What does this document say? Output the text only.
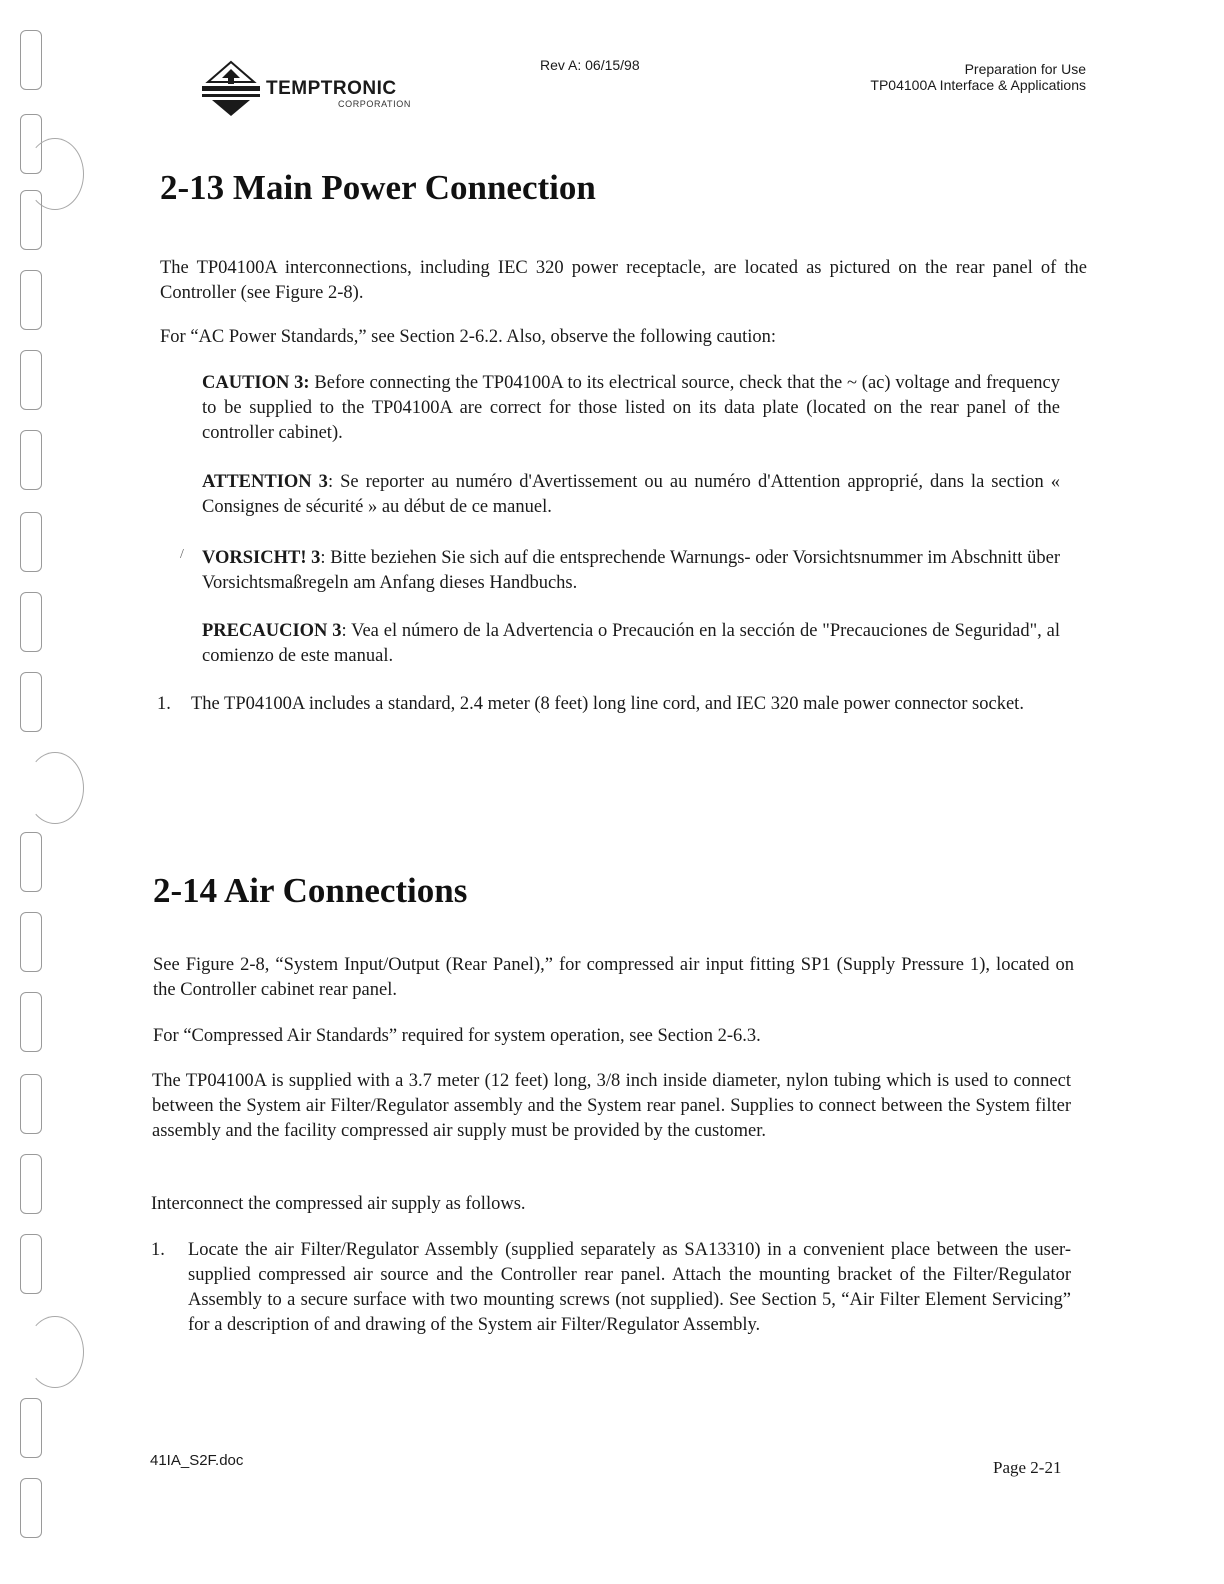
TEMPTRONIC
CORPORATION
Rev A: 06/15/98	Preparation for Use
TP04100A Interface & Applications
2-13 Main Power Connection

The TP04100A interconnections, including IEC 320 power receptacle, are located as pictured on the rear panel of the Controller (see Figure 2-8).

For “AC Power Standards,” see Section 2-6.2. Also, observe the following caution:

CAUTION 3: Before connecting the TP04100A to its electrical source, check that the ~ (ac) voltage and frequency to be supplied to the TP04100A are correct for those listed on its data plate (located on the rear panel of the controller cabinet).

ATTENTION 3: Se reporter au numéro d'Avertissement ou au numéro d'Attention approprié, dans la section « Consignes de sécurité » au début de ce manuel.

/ VORSICHT! 3: Bitte beziehen Sie sich auf die entsprechende Warnungs- oder Vorsichtsnummer im Abschnitt über Vorsichtsmaßregeln am Anfang dieses Handbuchs.

PRECAUCION 3: Vea el número de la Advertencia o Precaución en la sección de "Precauciones de Seguridad", al comienzo de este manual.

1. The TP04100A includes a standard, 2.4 meter (8 feet) long line cord, and IEC 320 male power connector socket.

2-14 Air Connections

See Figure 2-8, “System Input/Output (Rear Panel),” for compressed air input fitting SP1 (Supply Pressure 1), located on the Controller cabinet rear panel.

For “Compressed Air Standards” required for system operation, see Section 2-6.3.

The TP04100A is supplied with a 3.7 meter (12 feet) long, 3/8 inch inside diameter, nylon tubing which is used to connect between the System air Filter/Regulator assembly and the System rear panel. Supplies to connect between the System filter assembly and the facility compressed air supply must be provided by the customer.

Interconnect the compressed air supply as follows.

1. Locate the air Filter/Regulator Assembly (supplied separately as SA13310) in a convenient place between the user-supplied compressed air source and the Controller rear panel. Attach the mounting bracket of the Filter/Regulator Assembly to a secure surface with two mounting screws (not supplied). See Section 5, “Air Filter Element Servicing” for a description of and drawing of the System air Filter/Regulator Assembly.

41IA_S2F.doc	Page 2-21
